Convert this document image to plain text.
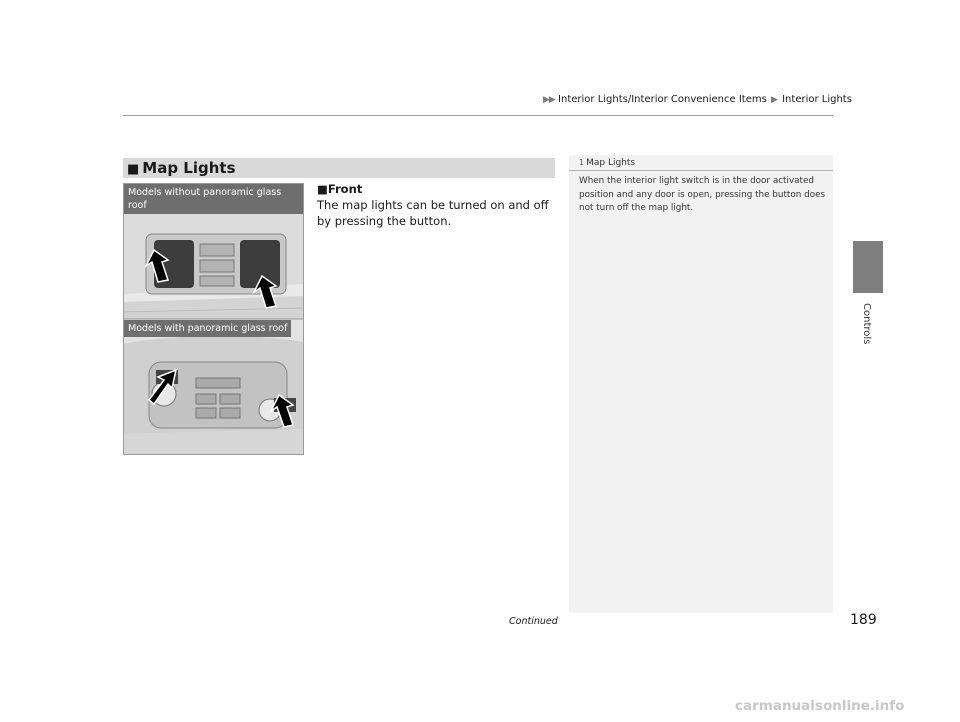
▶▶ Interior Lights/Interior Convenience Items ▶ Interior Lights
Controls
■ Map Lights
Models without panoramic glass roof
Models with panoramic glass roof
■Front
The map lights can be turned on and off by pressing the button.
1 Map Lights
When the interior light switch is in the door activated position and any door is open, pressing the button does not turn off the map light.
Continued	189
carmanualsonline.info
